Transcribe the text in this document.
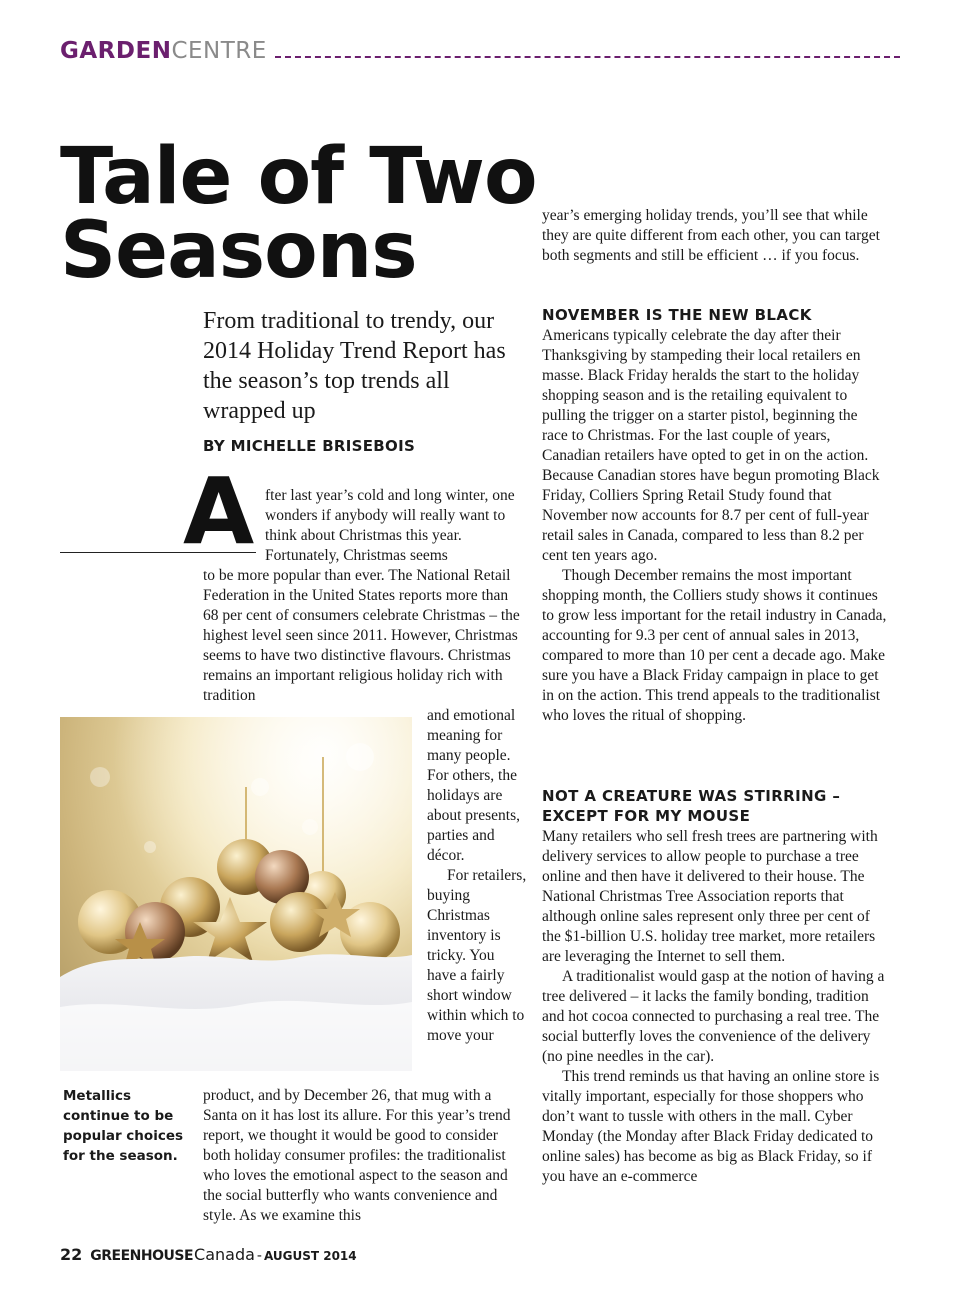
GARDEN CENTRE
Tale of Two
Seasons

From traditional to trendy, our 2014 Holiday Trend Report has the season’s top trends all wrapped up

BY MICHELLE BRISEBOIS
A fter last year’s cold and long winter, one wonders if anybody will really want to think about Christmas this year. Fortunately, Christmas seems

to be more popular than ever. The National Retail Federation in the United States reports more than 68 per cent of consumers celebrate Christmas – the highest level seen since 2011. However, Christmas seems to have two distinctive flavours. Christmas remains an important religious holiday rich with tradition

and emotional meaning for many people. For others, the holidays are about presents, parties and décor.

For retailers, buying Christmas inventory is tricky. You have a fairly short window within which to move your

Metallics continue to be popular choices for the season.

product, and by December 26, that mug with a Santa on it has lost its allure. For this year’s trend report, we thought it would be good to consider both holiday consumer profiles: the traditionalist who loves the emotional aspect to the season and the social butterfly who wants convenience and style. As we examine this

year’s emerging holiday trends, you’ll see that while they are quite different from each other, you can target both segments and still be efficient … if you focus.

NOVEMBER IS THE NEW BLACK

Americans typically celebrate the day after their Thanksgiving by stampeding their local retailers en masse. Black Friday heralds the start to the holiday shopping season and is the retailing equivalent to pulling the trigger on a starter pistol, beginning the race to Christmas. For the last couple of years, Canadian retailers have opted to get in on the action. Because Canadian stores have begun promoting Black Friday, Colliers Spring Retail Study found that November now accounts for 8.7 per cent of full-year retail sales in Canada, compared to less than 8.2 per cent ten years ago.

Though December remains the most important shopping month, the Colliers study shows it continues to grow less important for the retail industry in Canada, accounting for 9.3 per cent of annual sales in 2013, compared to more than 10 per cent a decade ago. Make sure you have a Black Friday campaign in place to get in on the action. This trend appeals to the traditionalist who loves the ritual of shopping.

NOT A CREATURE WAS STIRRING – EXCEPT FOR MY MOUSE

Many retailers who sell fresh trees are partnering with delivery services to allow people to purchase a tree online and then have it delivered to their house. The National Christmas Tree Association reports that although online sales represent only three per cent of the $1-billion U.S. holiday tree market, more retailers are leveraging the Internet to sell them.

A traditionalist would gasp at the notion of having a tree delivered – it lacks the family bonding, tradition and hot cocoa connected to purchasing a real tree. The social butterfly loves the convenience of the delivery (no pine needles in the car).

This trend reminds us that having an online store is vitally important, especially for those shoppers who don’t want to tussle with others in the mall. Cyber Monday (the Monday after Black Friday dedicated to online sales) has become as big as Black Friday, so if you have an e-commerce

22 GREENHOUSE Canada - AUGUST 2014
